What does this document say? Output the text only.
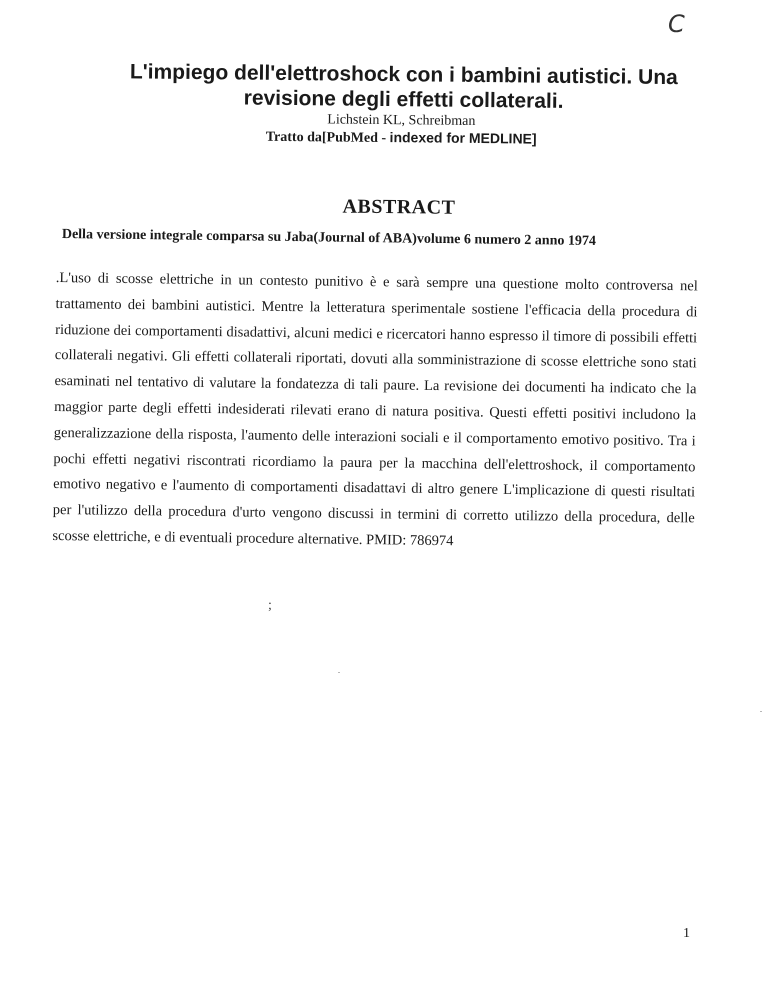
C

L'impiego dell'elettroshock con i bambini autistici. Una

revisione degli effetti collaterali.

Lichstein KL, Schreibman

Tratto da[PubMed - indexed for MEDLINE]

ABSTRACT
Della versione integrale comparsa su Jaba(Journal of ABA)volume 6 numero 2 anno 1974
.L'uso di scosse elettriche in un contesto punitivo è e sarà sempre una questione molto controversa nel trattamento dei bambini autistici. Mentre la letteratura sperimentale sostiene l'efficacia della procedura di riduzione dei comportamenti disadattivi, alcuni medici e ricercatori hanno espresso il timore di possibili effetti collaterali negativi. Gli effetti collaterali riportati, dovuti alla somministrazione di scosse elettriche sono stati esaminati nel tentativo di valutare la fondatezza di tali paure. La revisione dei documenti ha indicato che la maggior parte degli effetti indesiderati rilevati erano di natura positiva. Questi effetti positivi includono la generalizzazione della risposta, l'aumento delle interazioni sociali e il comportamento emotivo positivo. Tra i pochi effetti negativi riscontrati ricordiamo la paura per la macchina dell'elettroshock, il comportamento emotivo negativo e l'aumento di comportamenti disadattavi di altro genere L'implicazione di questi risultati per l'utilizzo della procedura d'urto vengono discussi in termini di corretto utilizzo della procedura, delle scosse elettriche, e di eventuali procedure alternative. PMID: 786974
;
.
.
1
